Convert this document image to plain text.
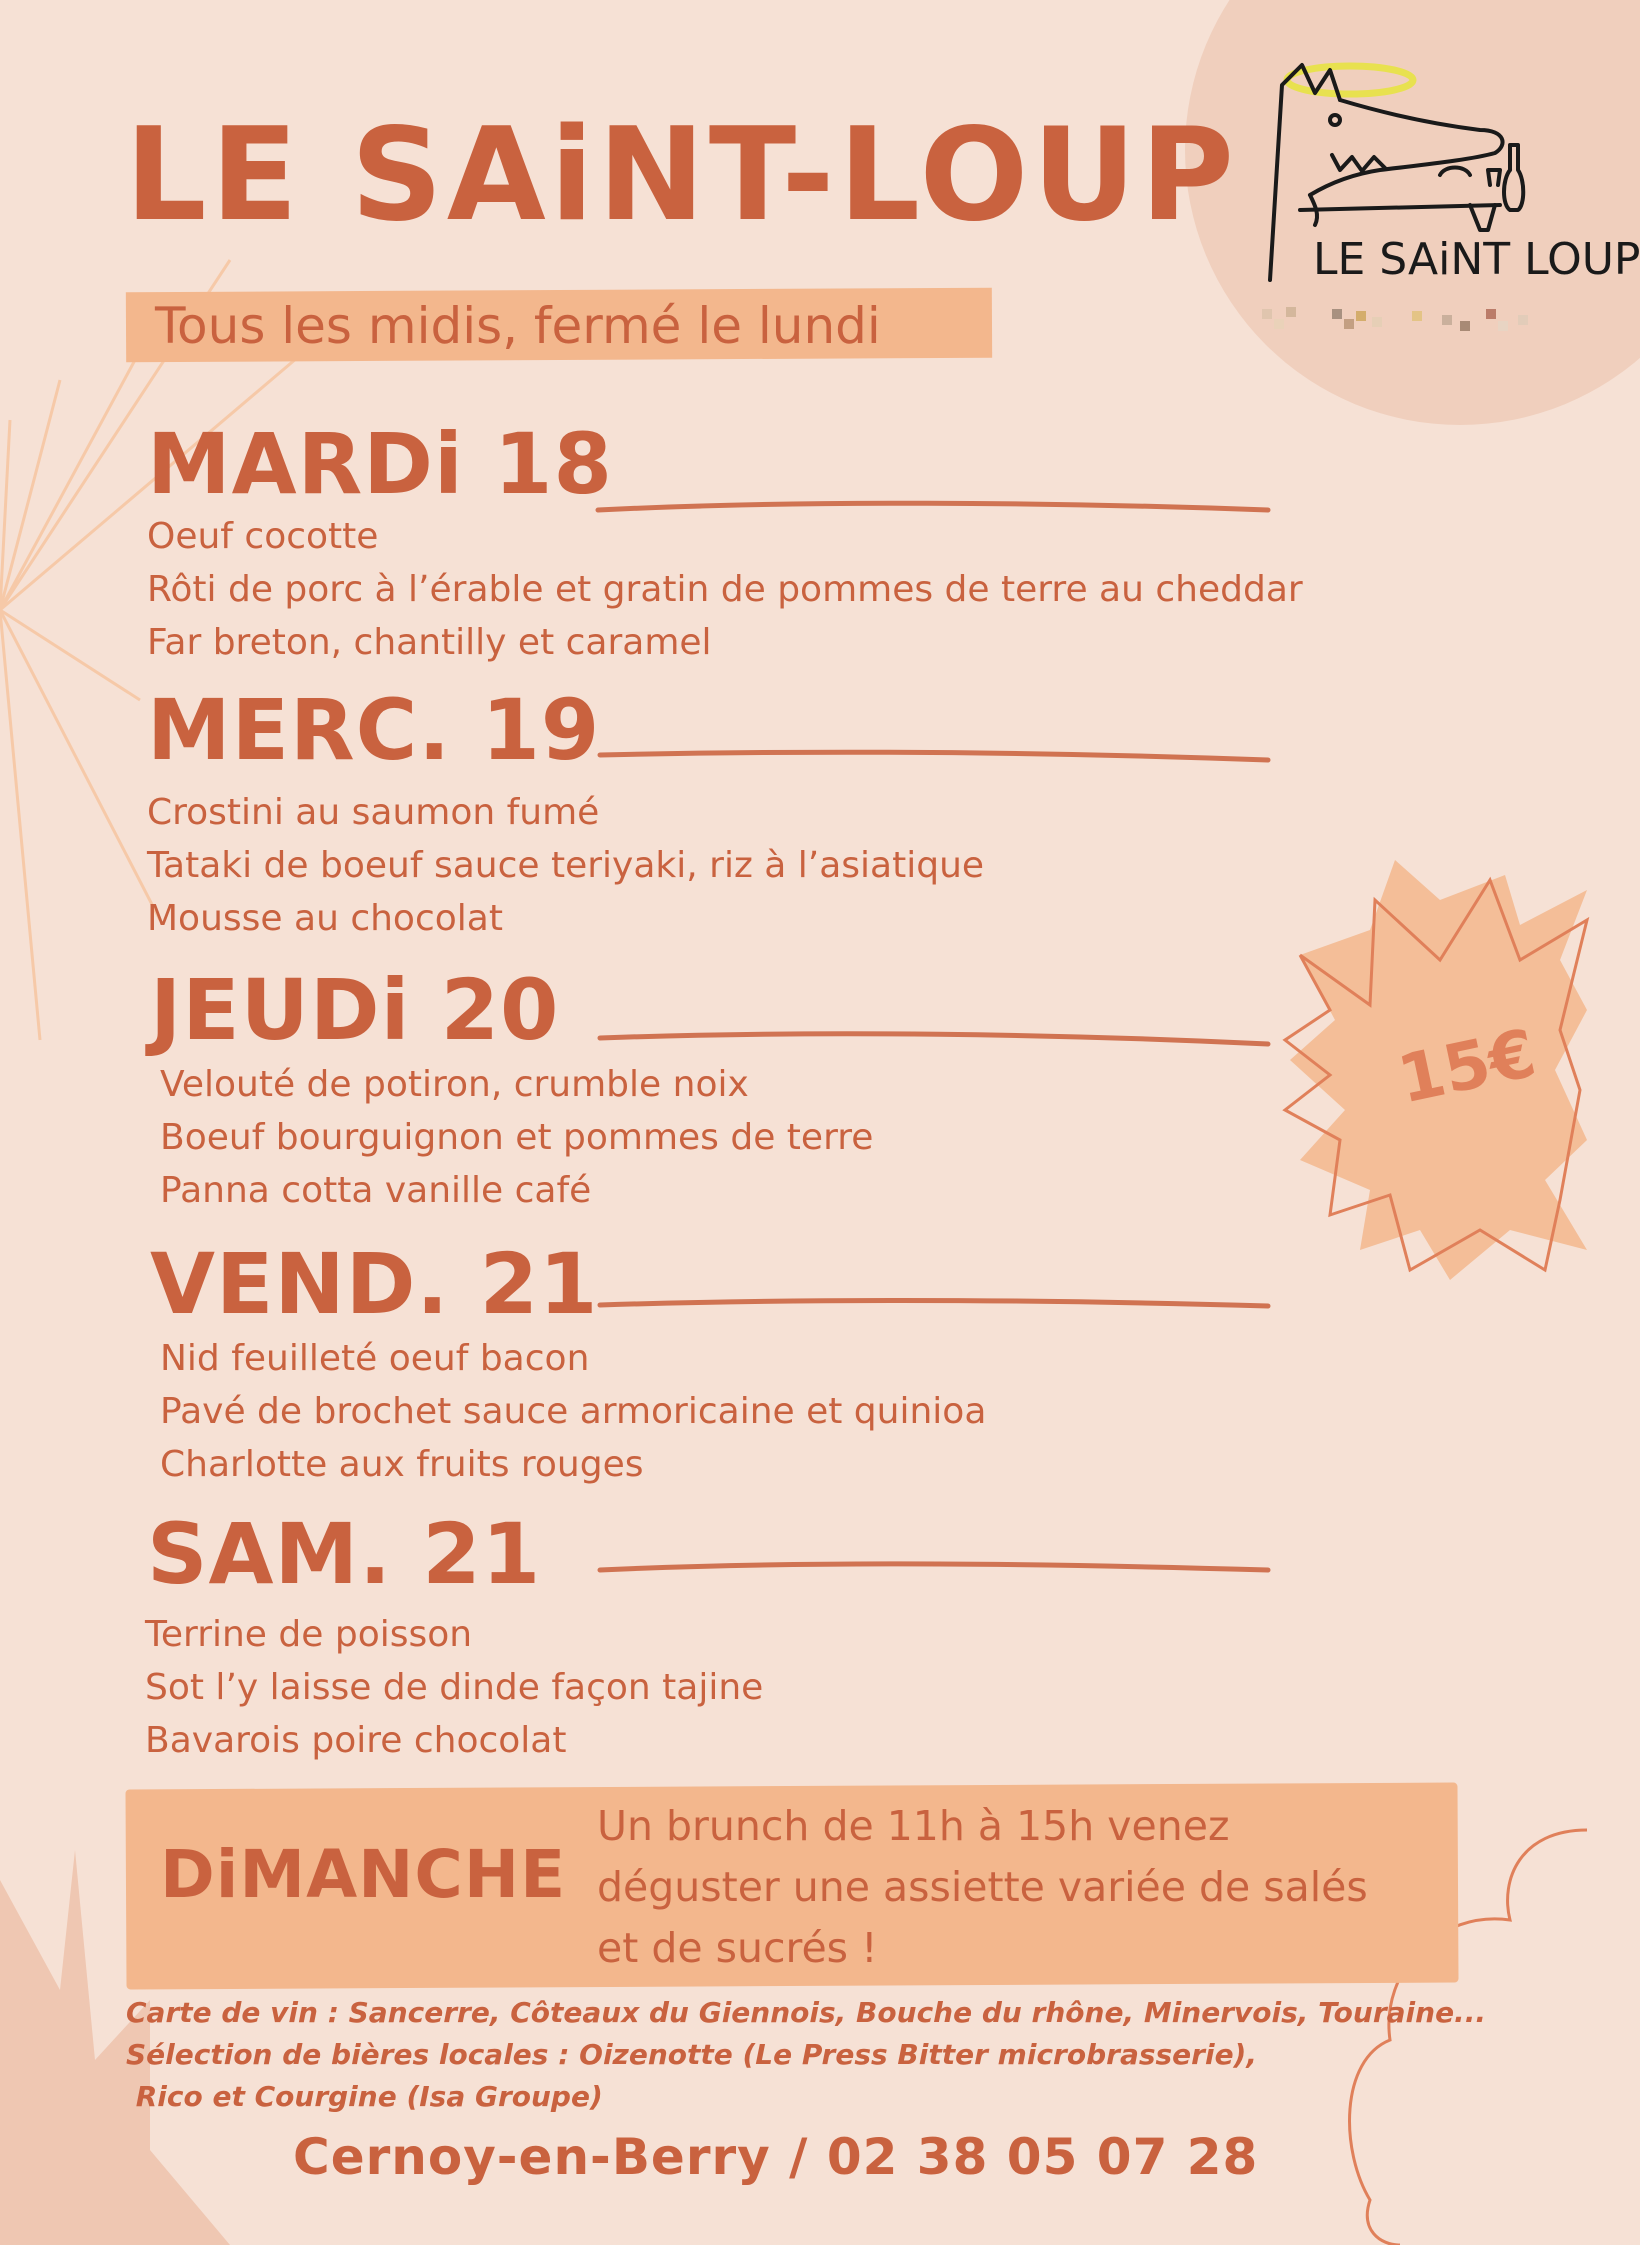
LE SAiNT LOUP
LE SAiNT-LOUP
Tous les midis, fermé le lundi
MARDi 18
Oeuf cocotte
Rôti de porc à l’érable et gratin de pommes de terre au cheddar
Far breton, chantilly et caramel
MERC. 19
Crostini au saumon fumé
Tataki de boeuf sauce teriyaki, riz à l’asiatique
Mousse au chocolat
JEUDi 20
Velouté de potiron, crumble noix
Boeuf bourguignon et pommes de terre
Panna cotta vanille café
VEND. 21
Nid feuilleté oeuf bacon
Pavé de brochet sauce armoricaine et quinioa
Charlotte aux fruits rouges
SAM. 21
Terrine de poisson
Sot l’y laisse de dinde façon tajine
Bavarois poire chocolat
15€
DiMANCHE
Un brunch de 11h à 15h venez déguster une assiette variée de salés et de sucrés !
Carte de vin : Sancerre, Côteaux du Giennois, Bouche du rhône, Minervois, Touraine...
Sélection de bières locales : Oizenotte (Le Press Bitter microbrasserie),
Rico et Courgine (Isa Groupe)
Cernoy-en-Berry / 02 38 05 07 28
